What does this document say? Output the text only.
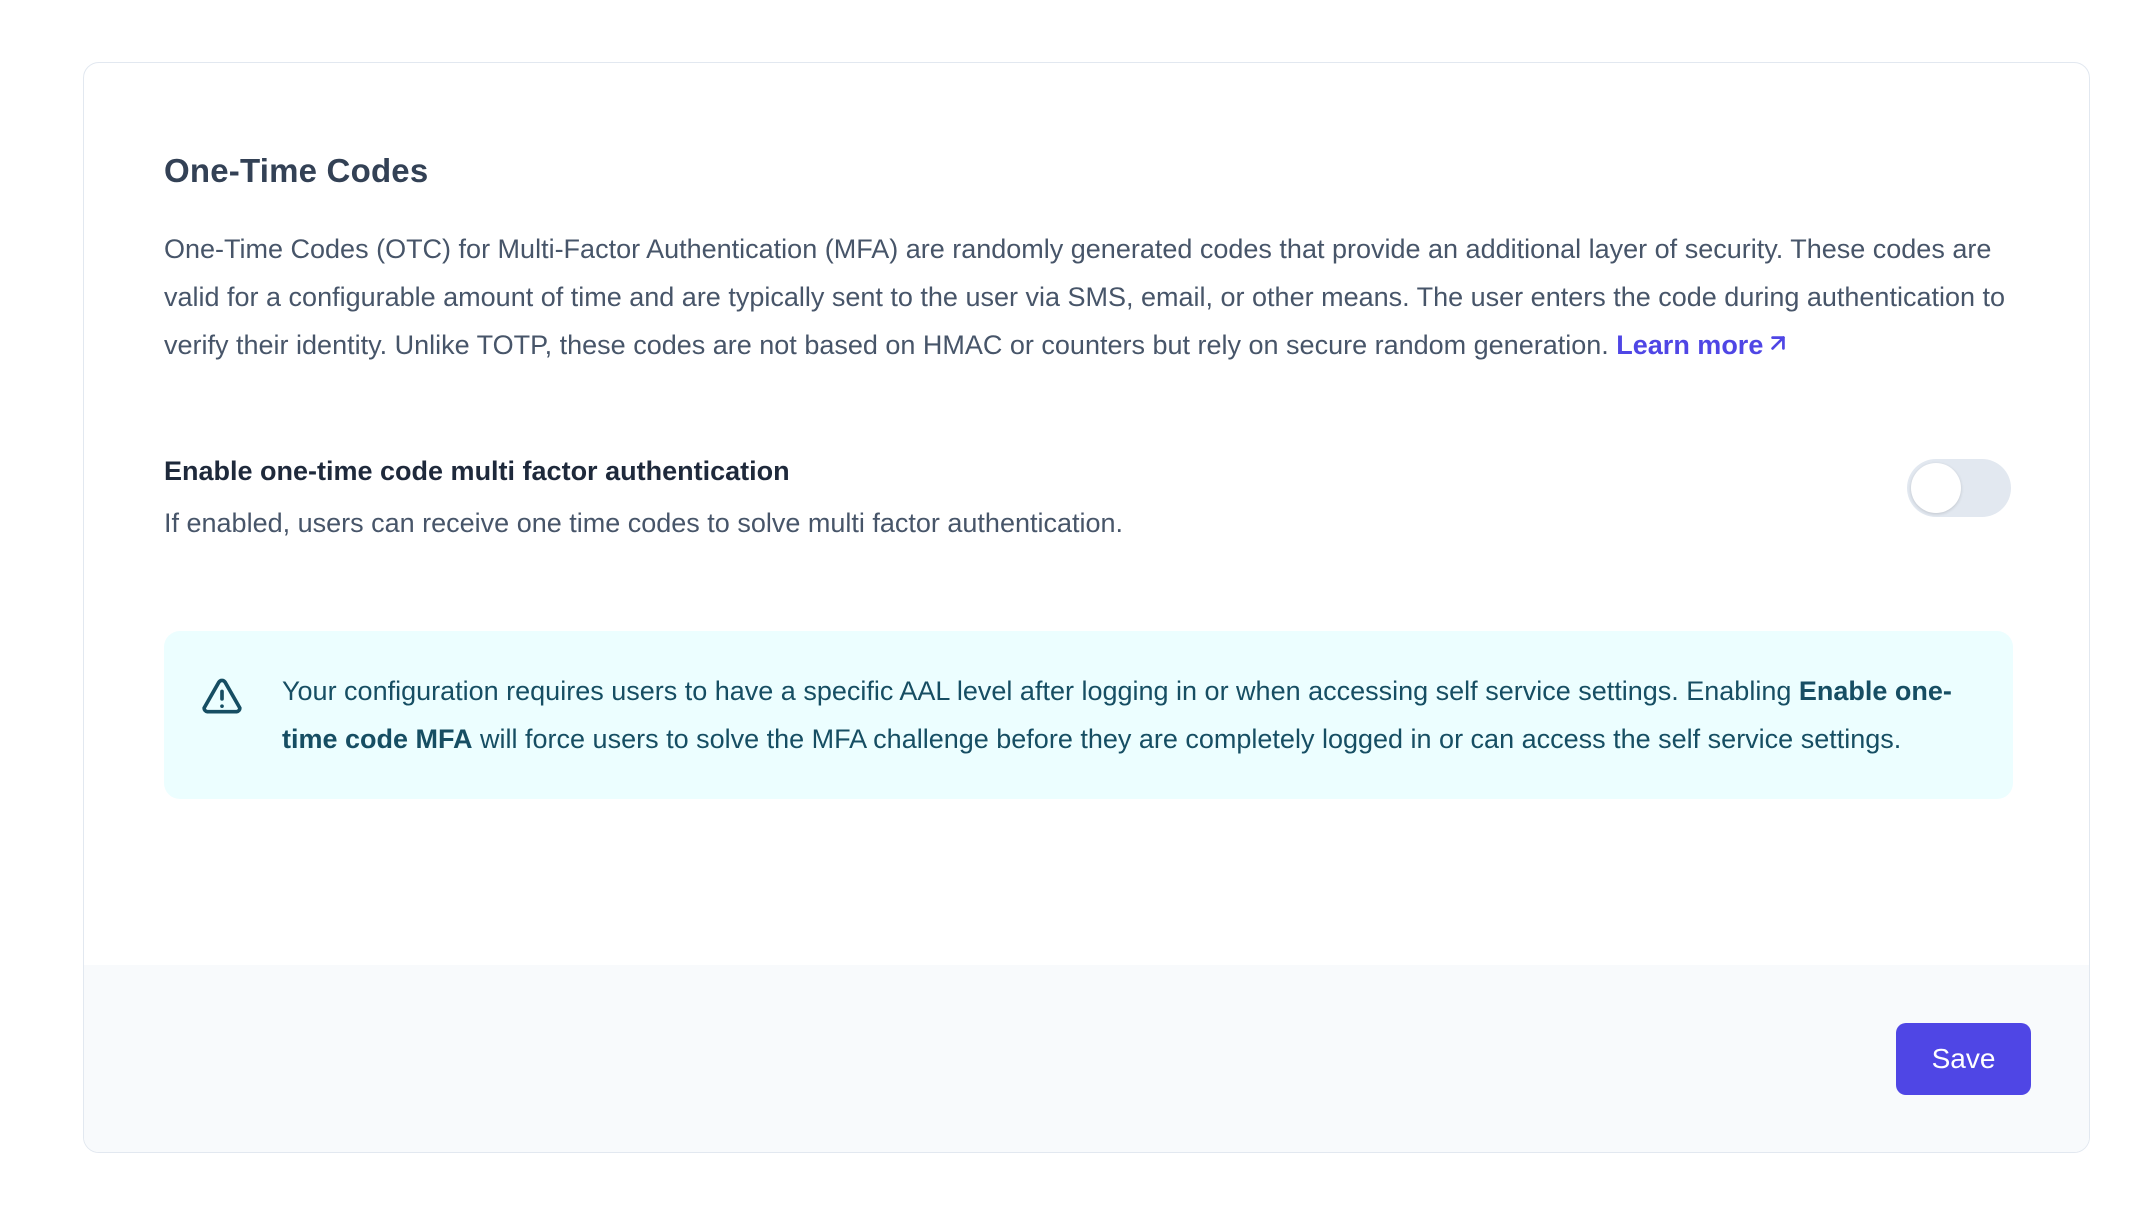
One-Time Codes

One-Time Codes (OTC) for Multi-Factor Authentication (MFA) are randomly generated codes that provide an additional layer of security. These codes are valid for a configurable amount of time and are typically sent to the user via SMS, email, or other means. The user enters the code during authentication to verify their identity. Unlike TOTP, these codes are not based on HMAC or counters but rely on secure random generation. Learn more

Enable one-time code multi factor authentication
If enabled, users can receive one time codes to solve multi factor authentication.

Your configuration requires users to have a specific AAL level after logging in or when accessing self service settings. Enabling Enable one-time code MFA will force users to solve the MFA challenge before they are completely logged in or can access the self service settings.

Save
